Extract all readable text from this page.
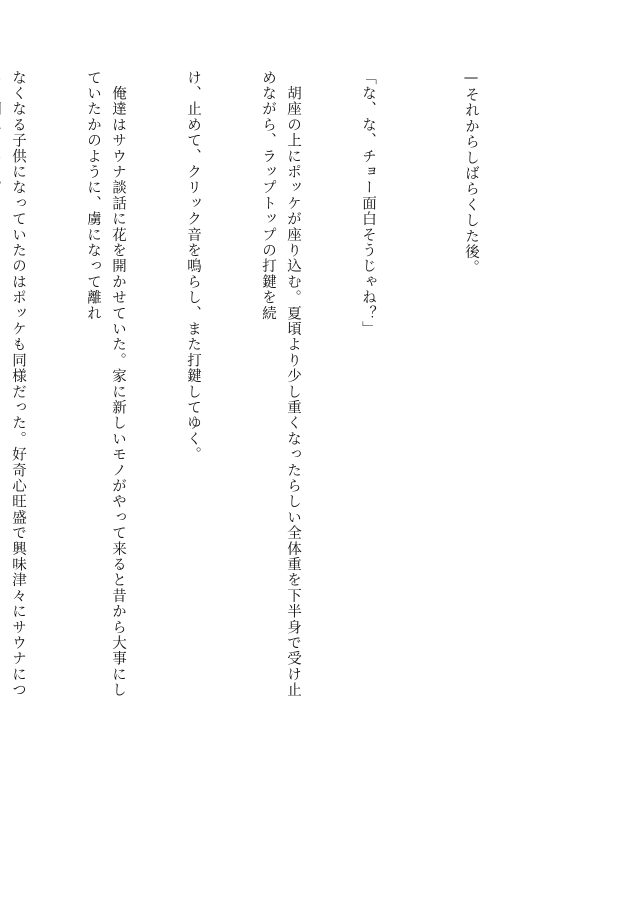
—それからしばらくした後。

「な、な、チョー面白そうじゃね？」

　胡座の上にポッケが座り込む。夏頃より少し重くなったらしい全体重を下半身で受け止めながら、ラップトップの打鍵を続

け、止めて、クリック音を鳴らし、また打鍵してゆく。

　俺達はサウナ談話に花を開かせていた。家に新しいモノがやって来ると昔から大事にしていたかのように、虜になって離れ

なくなる子供になっていたのはポッケも同様だった。好奇心旺盛で興味津々にサウナにつ
